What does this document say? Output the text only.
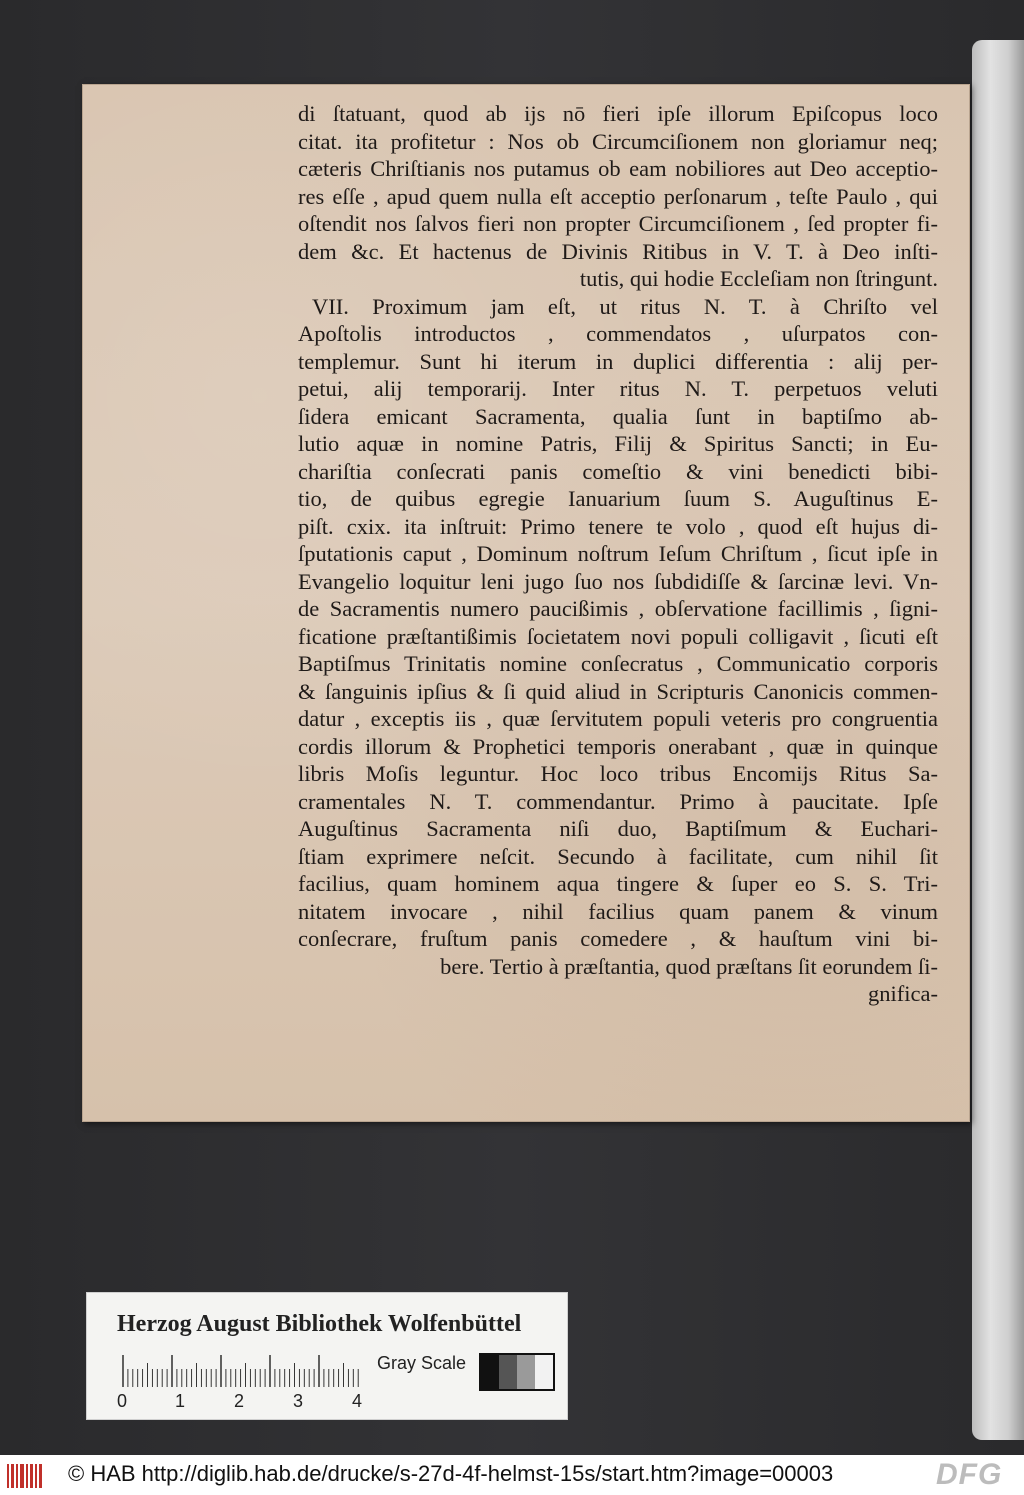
di ſtatuant, quod ab ijs nō fieri ipſe illorum Epiſcopus loco
citat. ita profitetur : Nos ob Circumciſionem non gloriamur neq;
cæteris Chriſtianis nos putamus ob eam nobiliores aut Deo acceptio-
res eſſe , apud quem nulla eſt acceptio perſonarum , teſte Paulo , qui
oſtendit nos ſalvos fieri non propter Circumciſionem , ſed propter fi-
dem &c. Et hactenus de Divinis Ritibus in V. T. à Deo inſti-
tutis, qui hodie Eccleſiam non ſtringunt.
VII. Proximum jam eſt, ut ritus N. T. à Chriſto vel
Apoſtolis introductos , commendatos , uſurpatos con-
templemur. Sunt hi iterum in duplici differentia : alij per-
petui, alij temporarij. Inter ritus N. T. perpetuos veluti
ſidera emicant Sacramenta, qualia ſunt in baptiſmo ab-
lutio aquæ in nomine Patris, Filij & Spiritus Sancti; in Eu-
chariſtia conſecrati panis comeſtio & vini benedicti bibi-
tio, de quibus egregie Ianuarium ſuum S. Auguſtinus E-
piſt. cxix. ita inſtruit: Primo tenere te volo , quod eſt hujus di-
ſputationis caput , Dominum noſtrum Ieſum Chriſtum , ſicut ipſe in
Evangelio loquitur leni jugo ſuo nos ſubdidiſſe & ſarcinæ levi. Vn-
de Sacramentis numero paucißimis , obſervatione facillimis , ſigni-
ficatione præſtantißimis ſocietatem novi populi colligavit , ſicuti eſt
Baptiſmus Trinitatis nomine conſecratus , Communicatio corporis
& ſanguinis ipſius & ſi quid aliud in Scripturis Canonicis commen-
datur , exceptis iis , quæ ſervitutem populi veteris pro congruentia
cordis illorum & Prophetici temporis onerabant , quæ in quinque
libris Moſis leguntur. Hoc loco tribus Encomijs Ritus Sa-
cramentales N. T. commendantur. Primo à paucitate. Ipſe
Auguſtinus Sacramenta niſi duo, Baptiſmum & Euchari-
ſtiam exprimere neſcit. Secundo à facilitate, cum nihil ſit
facilius, quam hominem aqua tingere & ſuper eo S. S. Tri-
nitatem invocare , nihil facilius quam panem & vinum
conſecrare, fruſtum panis comedere , & hauſtum vini bi-
bere. Tertio à præſtantia, quod præſtans ſit eorundem ſi-
gnifica-
Herzog August Bibliothek Wolfenbüttel
0	1	2	3	4
Gray Scale
© HAB http://diglib.hab.de/drucke/s-27d-4f-helmst-15s/start.htm?image=00003	DFG
